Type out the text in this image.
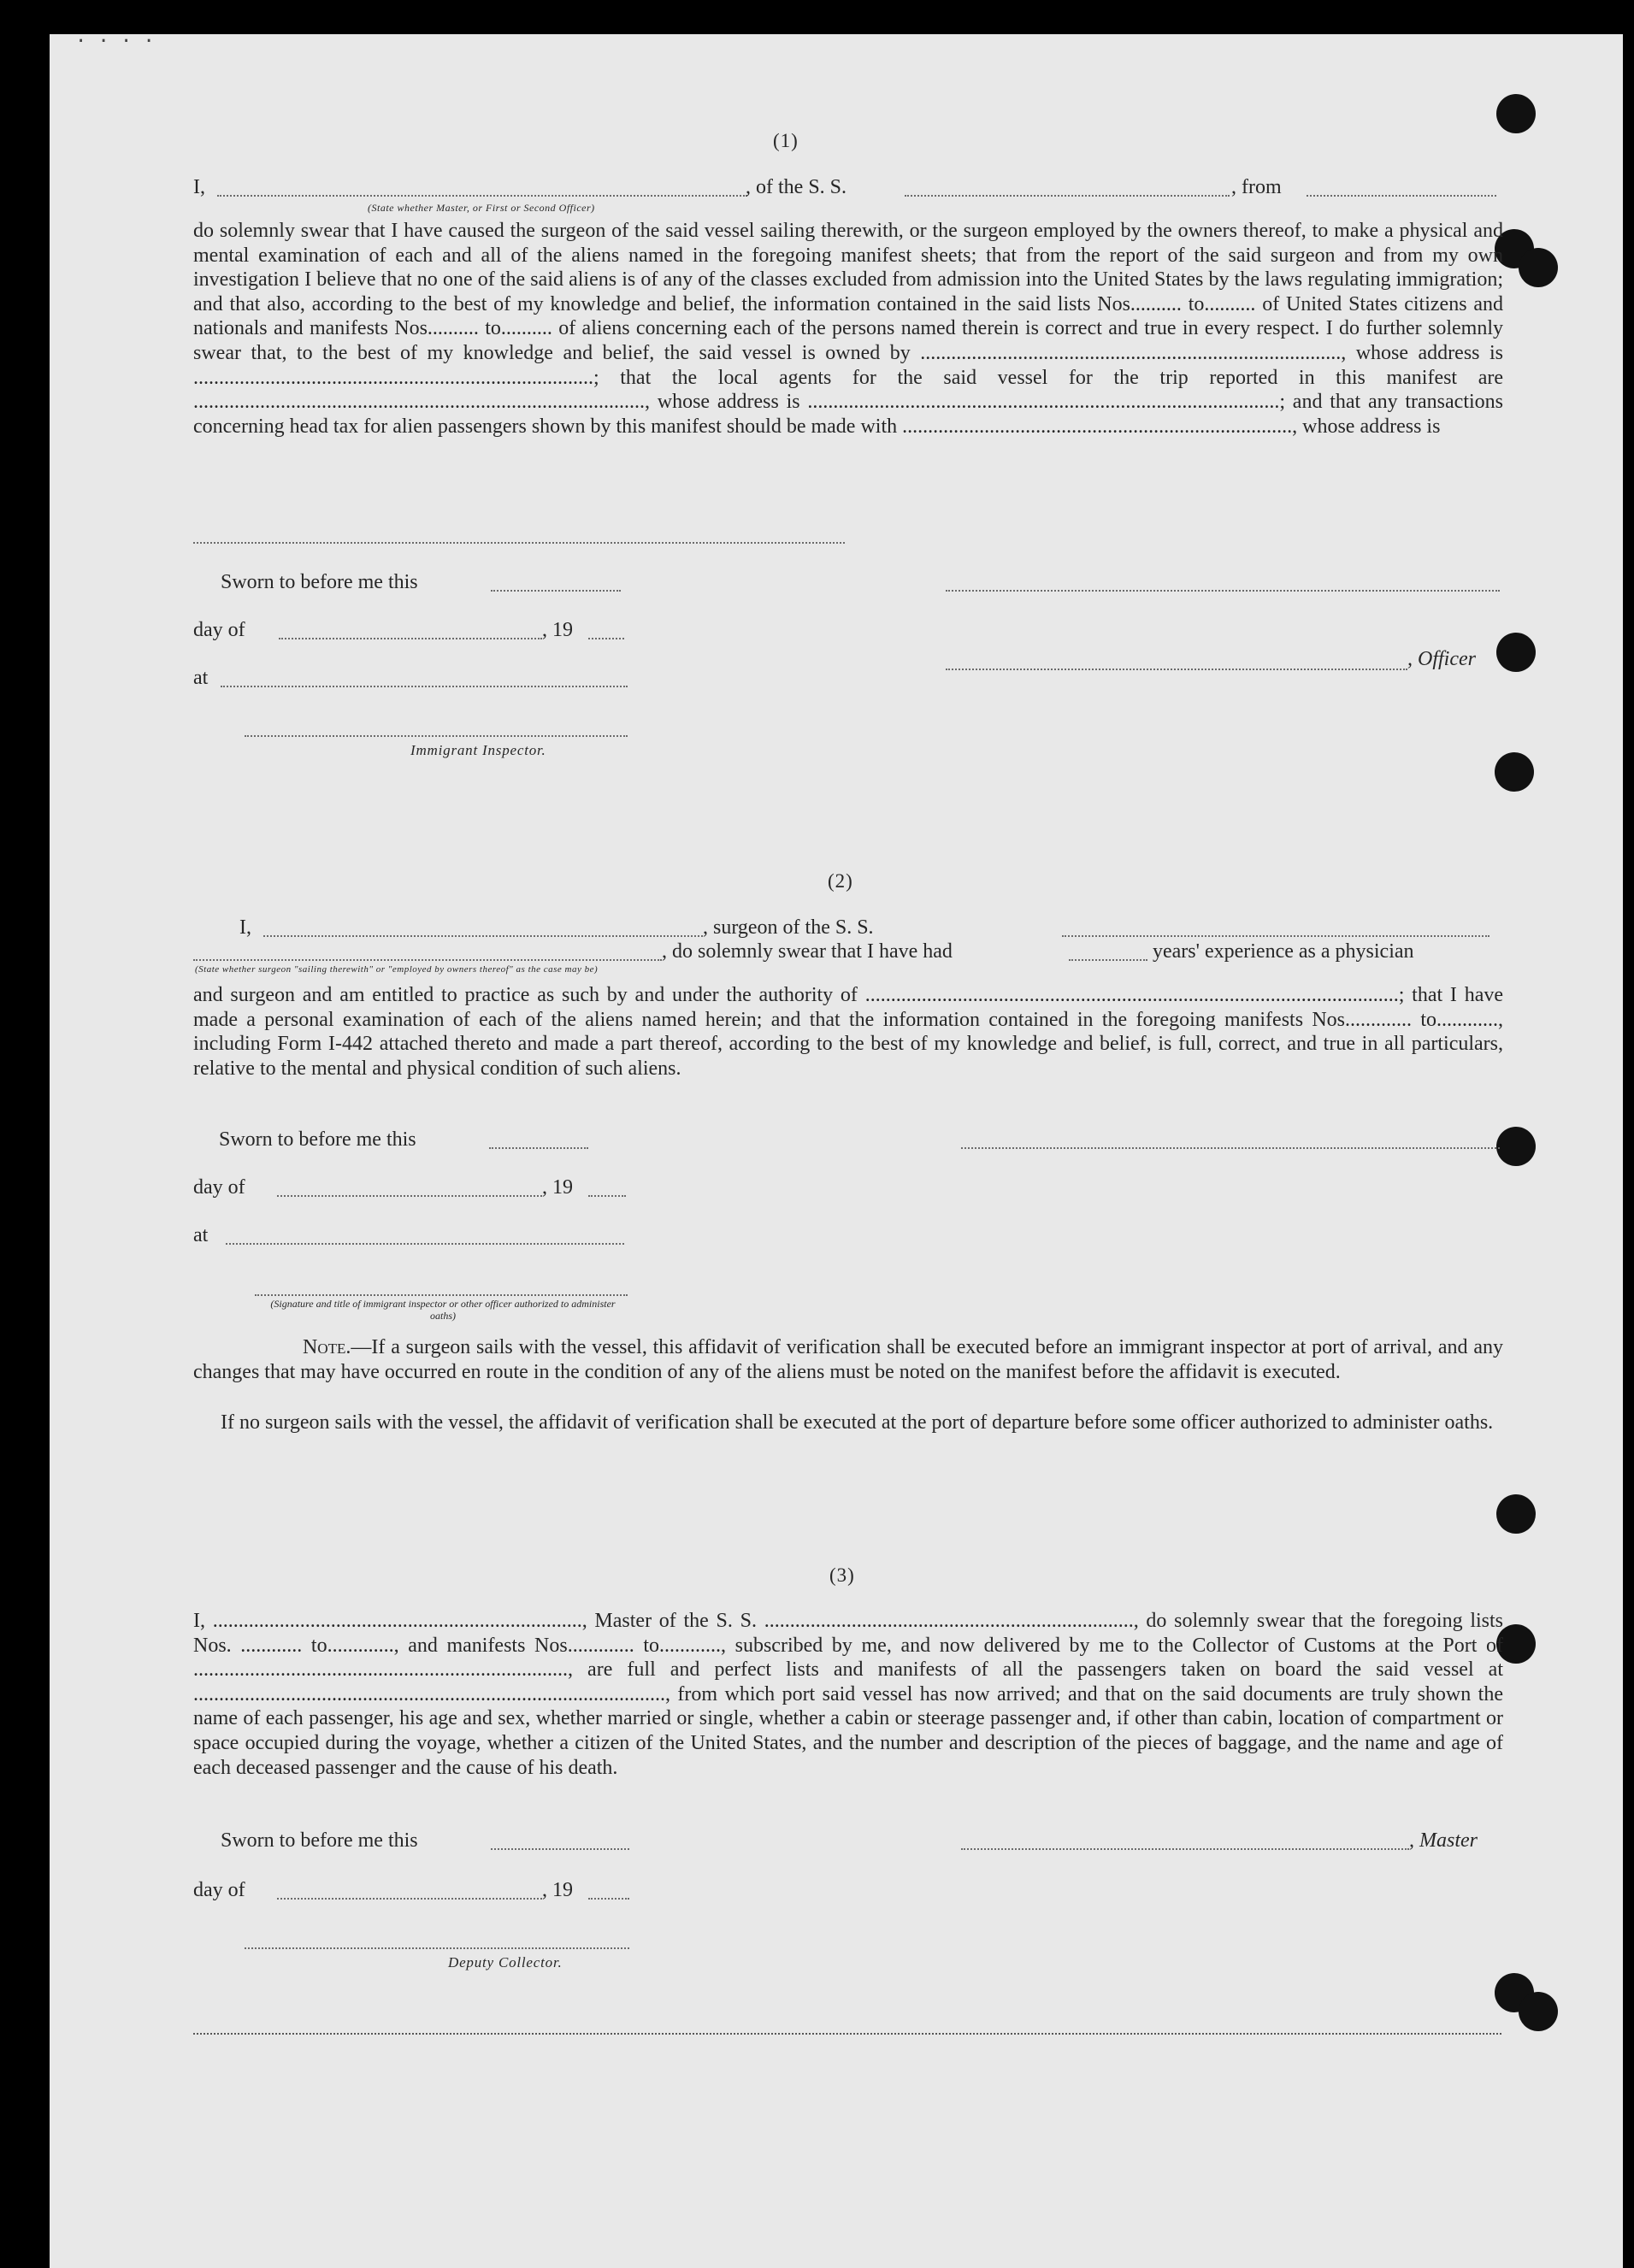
(1)
I,	, of the S. S.	, from
(State whether Master, or First or Second Officer)
do solemnly swear that I have caused the surgeon of the said vessel sailing therewith, or the surgeon employed by the owners thereof, to make a physical and mental examination of each and all of the aliens named in the foregoing manifest sheets; that from the report of the said surgeon and from my own investigation I believe that no one of the said aliens is of any of the classes excluded from admission into the United States by the laws regulating immigration; and that also, according to the best of my knowledge and belief, the information contained in the said lists Nos.......... to.......... of United States citizens and nationals and manifests Nos.......... to.......... of aliens concerning each of the persons named therein is correct and true in every respect. I do further solemnly swear that, to the best of my knowledge and belief, the said vessel is owned by .................................................................................., whose address is ..............................................................................; that the local agents for the said vessel for the trip reported in this manifest are ........................................................................................, whose address is ............................................................................................; and that any transactions concerning head tax for alien passengers shown by this manifest should be made with ............................................................................, whose address is
Sworn to before me this
day of	, 19
at
, Officer
Immigrant Inspector.
(2)
I,	, surgeon of the S. S.
, do solemnly swear that I have had	years' experience as a physician
(State whether surgeon "sailing therewith" or "employed by owners thereof" as the case may be)
and surgeon and am entitled to practice as such by and under the authority of ........................................................................................................; that I have made a personal examination of each of the aliens named herein; and that the information contained in the foregoing manifests Nos............. to............, including Form I-442 attached thereto and made a part thereof, according to the best of my knowledge and belief, is full, correct, and true in all particulars, relative to the mental and physical condition of such aliens.
Sworn to before me this
day of	, 19
at
(Signature and title of immigrant inspector or other officer authorized to administer oaths)
Note.—If a surgeon sails with the vessel, this affidavit of verification shall be executed before an immigrant inspector at port of arrival, and any changes that may have occurred en route in the condition of any of the aliens must be noted on the manifest before the affidavit is executed.
If no surgeon sails with the vessel, the affidavit of verification shall be executed at the port of departure before some officer authorized to administer oaths.
(3)
I, ........................................................................, Master of the S. S. ........................................................................, do solemnly swear that the foregoing lists Nos. ............ to............., and manifests Nos............. to............, subscribed by me, and now delivered by me to the Collector of Customs at the Port of ........................................................................., are full and perfect lists and manifests of all the passengers taken on board the said vessel at ............................................................................................, from which port said vessel has now arrived; and that on the said documents are truly shown the name of each passenger, his age and sex, whether married or single, whether a cabin or steerage passenger and, if other than cabin, location of compartment or space occupied during the voyage, whether a citizen of the United States, and the number and description of the pieces of baggage, and the name and age of each deceased passenger and the cause of his death.
Sworn to before me this	, Master
day of	, 19
Deputy Collector.
· · · ·
